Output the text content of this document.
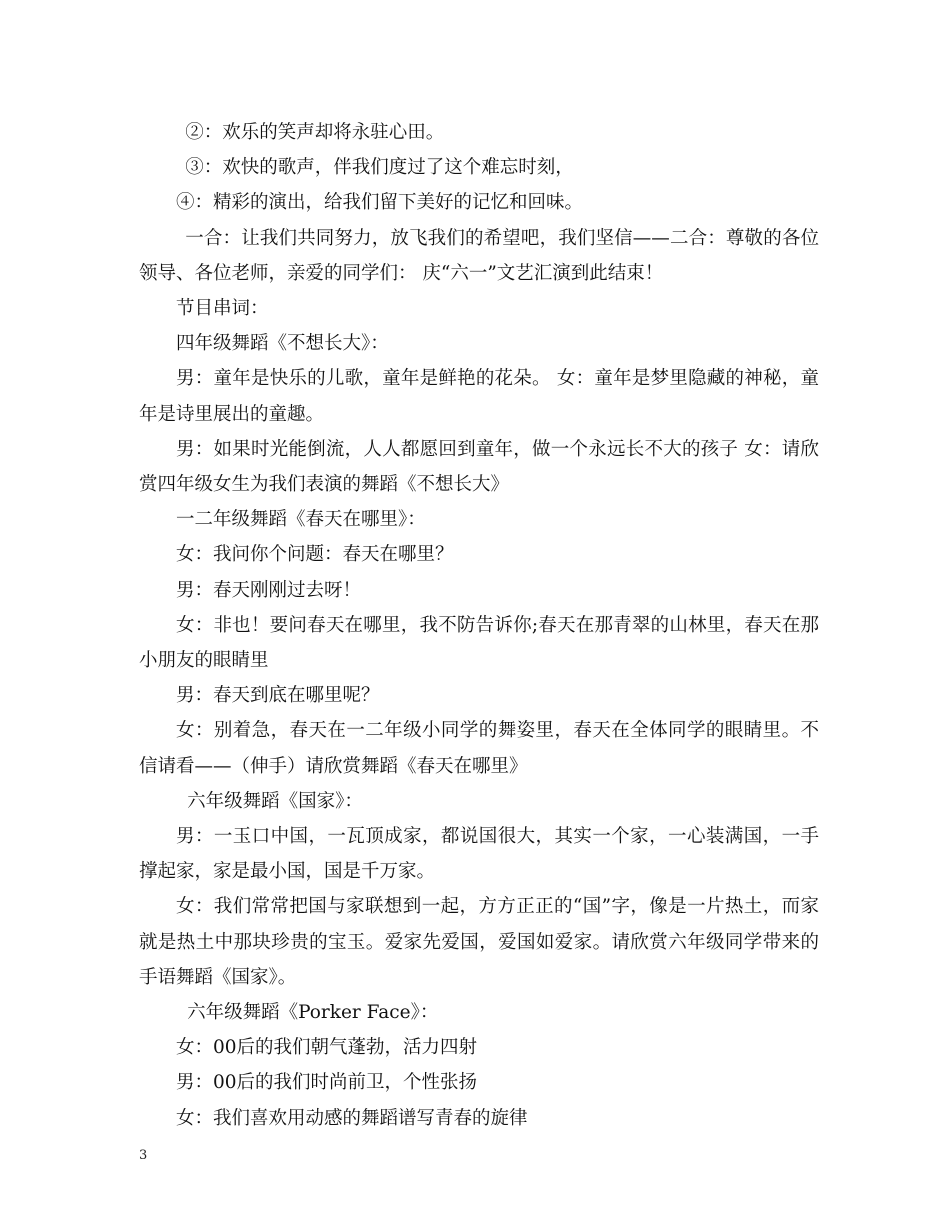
②：欢乐的笑声却将永驻心田。

③：欢快的歌声，伴我们度过了这个难忘时刻，

④：精彩的演出，给我们留下美好的记忆和回味。

一合：让我们共同努力，放飞我们的希望吧，我们坚信——二合：尊敬的各位领导、各位老师，亲爱的同学们： 庆“六一”文艺汇演到此结束！

节目串词：

四年级舞蹈《不想长大》：

男：童年是快乐的儿歌，童年是鲜艳的花朵。 女：童年是梦里隐藏的神秘，童年是诗里展出的童趣。

男：如果时光能倒流，人人都愿回到童年，做一个永远长不大的孩子 女：请欣赏四年级女生为我们表演的舞蹈《不想长大》

一二年级舞蹈《春天在哪里》：

女：我问你个问题：春天在哪里？

男：春天刚刚过去呀！

女：非也！要问春天在哪里，我不防告诉你;春天在那青翠的山林里，春天在那小朋友的眼睛里

男：春天到底在哪里呢？

女：别着急，春天在一二年级小同学的舞姿里，春天在全体同学的眼睛里。不信请看——（伸手）请欣赏舞蹈《春天在哪里》

六年级舞蹈《国家》：

男：一玉口中国，一瓦顶成家，都说国很大，其实一个家，一心装满国，一手撑起家，家是最小国，国是千万家。

女：我们常常把国与家联想到一起，方方正正的“国”字，像是一片热土，而家就是热土中那块珍贵的宝玉。爱家先爱国，爱国如爱家。请欣赏六年级同学带来的手语舞蹈《国家》。

六年级舞蹈《Porker Face》：

女：00后的我们朝气蓬勃，活力四射

男：00后的我们时尚前卫，个性张扬

女：我们喜欢用动感的舞蹈谱写青春的旋律

3
